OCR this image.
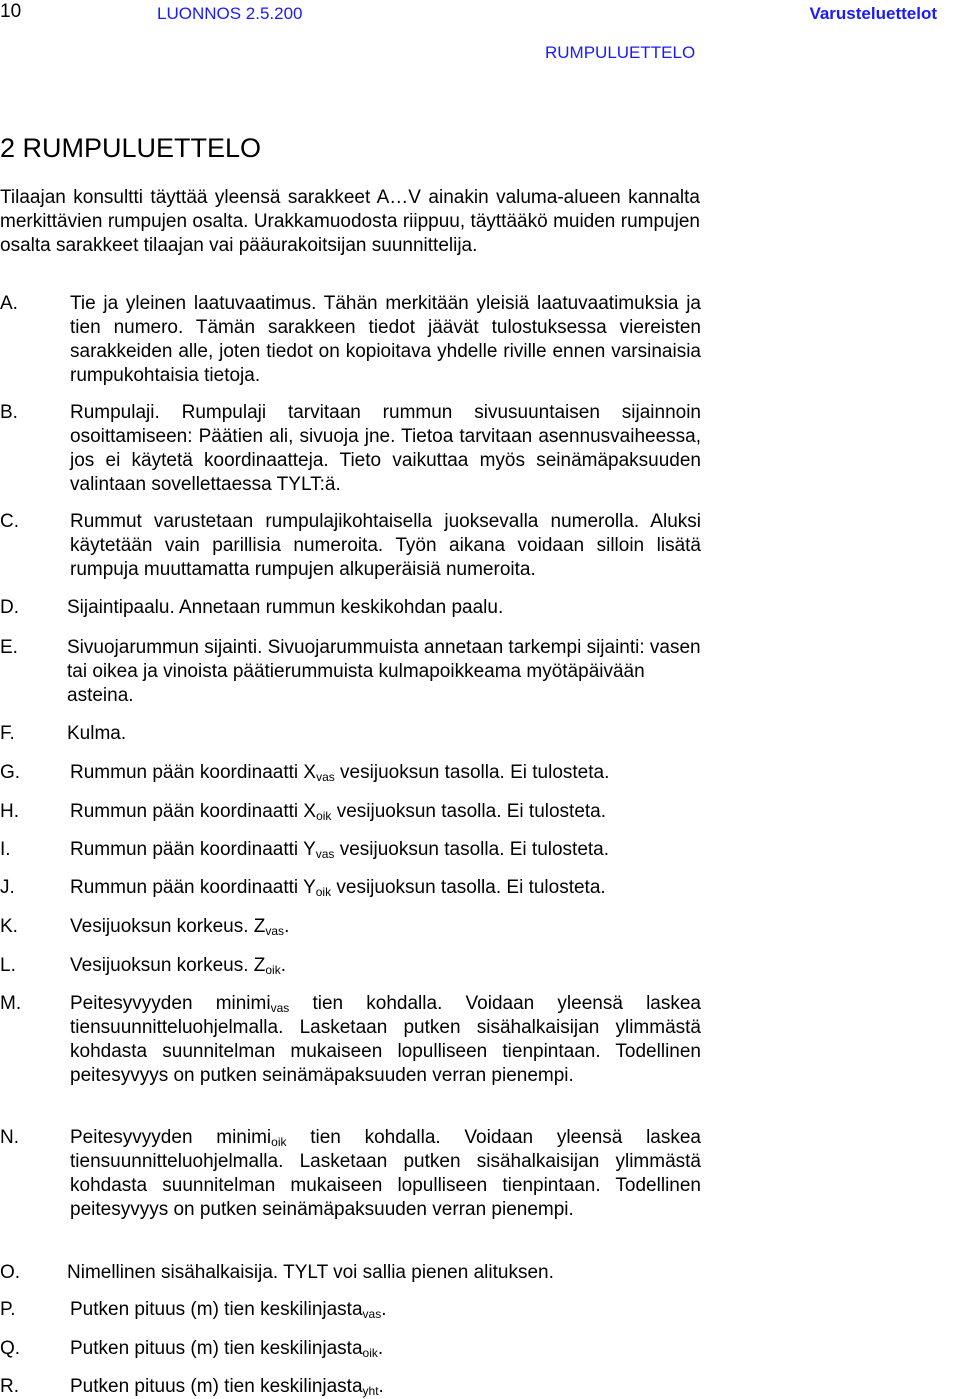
10	LUONNOS 2.5.200	Varusteluettelot
RUMPULUETTELO
2 RUMPULUETTELO
Tilaajan konsultti täyttää yleensä sarakkeet A…V ainakin valuma-alueen kannalta merkittävien rumpujen osalta. Urakkamuodosta riippuu, täyttääkö muiden rumpujen osalta sarakkeet tilaajan vai pääurakoitsijan suunnittelija.
A.	Tie ja yleinen laatuvaatimus. Tähän merkitään yleisiä laatuvaatimuksia ja tien numero. Tämän sarakkeen tiedot jäävät tulostuksessa viereisten sarakkeiden alle, joten tiedot on kopioitava yhdelle riville ennen varsinaisia rumpukohtaisia tietoja.
B.	Rumpulaji. Rumpulaji tarvitaan rummun sivusuuntaisen sijainnoin osoittamiseen: Päätien ali, sivuoja jne. Tietoa tarvitaan asennusvaiheessa, jos ei käytetä koordinaatteja. Tieto vaikuttaa myös seinämäpaksuuden valintaan sovellettaessa TYLT:ä.
C.	Rummut varustetaan rumpulajikohtaisella juoksevalla numerolla. Aluksi käytetään vain parillisia numeroita. Työn aikana voidaan silloin lisätä rumpuja muuttamatta rumpujen alkuperäisiä numeroita.
D.	Sijaintipaalu. Annetaan rummun keskikohdan paalu.
E.	Sivuojarummun sijainti. Sivuojarummuista annetaan tarkempi sijainti: vasen tai oikea ja vinoista päätierummuista kulmapoikkeama myötäpäivään asteina.
F.	Kulma.
G.	Rummun pään koordinaatti $X_{vas}$ vesijuoksun tasolla. Ei tulosteta.
H.	Rummun pään koordinaatti $X_{oik}$ vesijuoksun tasolla. Ei tulosteta.
I.	Rummun pään koordinaatti $Y_{vas}$ vesijuoksun tasolla. Ei tulosteta.
J.	Rummun pään koordinaatti $Y_{oik}$ vesijuoksun tasolla. Ei tulosteta.
K.	Vesijuoksun korkeus. $Z_{vas}$.
L.	Vesijuoksun korkeus. $Z_{oik}$.
M.	Peitesyvyyden minimi$_{vas}$ tien kohdalla. Voidaan yleensä laskea tiensuunnitteluohjelmalla. Lasketaan putken sisähalkaisijan ylimmästä kohdasta suunnitelman mukaiseen lopulliseen tienpintaan. Todellinen peitesyvyys on putken seinämäpaksuuden verran pienempi.
N.	Peitesyvyyden minimi$_{oik}$ tien kohdalla. Voidaan yleensä laskea tiensuunnitteluohjelmalla. Lasketaan putken sisähalkaisijan ylimmästä kohdasta suunnitelman mukaiseen lopulliseen tienpintaan. Todellinen peitesyvyys on putken seinämäpaksuuden verran pienempi.
O. Nimellinen sisähalkaisija. TYLT voi sallia pienen alituksen.
P.	Putken pituus (m) tien keskilinjasta$_{vas}$.
Q.	Putken pituus (m) tien keskilinjasta$_{oik}$.
R.	Putken pituus (m) tien keskilinjasta$_{yht}$.
